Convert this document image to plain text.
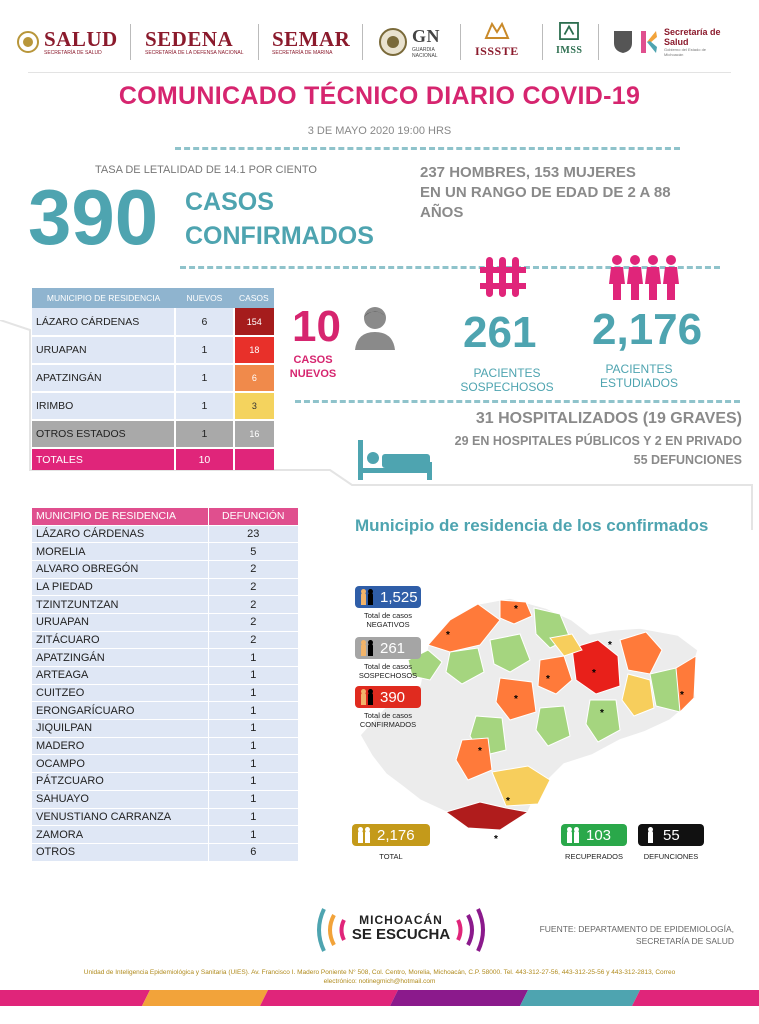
SALUD
SECRETARÍA DE SALUD
SEDENA
SECRETARÍA DE LA DEFENSA NACIONAL
SEMAR
SECRETARÍA DE MARINA
GN
GUARDIA NACIONAL	ISSSTE	IMSS
Secretaría de Salud
Gobierno del Estado de Michoacán
COMUNICADO TÉCNICO DIARIO COVID-19
3 DE MAYO 2020 19:00 HRS
TASA DE LETALIDAD DE 14.1 POR CIENTO
390 CASOS
CONFIRMADOS
237 HOMBRES, 153 MUJERES
EN UN RANGO DE EDAD DE 2 A 88
AÑOS
MUNICIPIO DE RESIDENCIA	NUEVOS	CASOS
LÁZARO CÁRDENAS	6	154
URUAPAN	1	18
APATZINGÁN	1	6
IRIMBO	1	3
OTROS ESTADOS	1	16
TOTALES	10	
10
CASOS
NUEVOS
261
PACIENTES
SOSPECHOSOS
2,176
PACIENTES
ESTUDIADOS
31 HOSPITALIZADOS (19 GRAVES)
29 EN HOSPITALES PÚBLICOS Y 2 EN PRIVADO
55 DEFUNCIONES
MUNICIPIO DE RESIDENCIA	DEFUNCIÓN
LÁZARO CÁRDENAS	23
MORELIA	5
ALVARO OBREGÓN	2
LA PIEDAD	2
TZINTZUNTZAN	2
URUAPAN	2
ZITÁCUARO	2
APATZINGÁN	1
ARTEAGA	1
CUITZEO	1
ERONGARÍCUARO	1
JIQUILPAN	1
MADERO	1
OCAMPO	1
PÁTZCUARO	1
SAHUAYO	1
VENUSTIANO CARRANZA	1
ZAMORA	1
OTROS	6
Municipio de residencia de los confirmados
*
*
*
*
*
*
*
*
*
*
*
1,525
Total de casos
NEGATIVOS
261
Total de casos
SOSPECHOSOS
390
Total de casos
CONFIRMADOS
2,176
TOTAL
103
RECUPERADOS
55
DEFUNCIONES
MICHOACÁN
SE ESCUCHA	FUENTE: DEPARTAMENTO DE EPIDEMIOLOGÍA,
SECRETARÍA DE SALUD
Unidad de Inteligencia Epidemiológica y Sanitaria (UIES). Av. Francisco I. Madero Poniente N° 508, Col. Centro, Morelia, Michoacán, C.P. 58000. Tel. 443-312-27-56, 443-312-25-56 y 443-312-2813, Correo
electrónico: notinegmich@hotmail.com
